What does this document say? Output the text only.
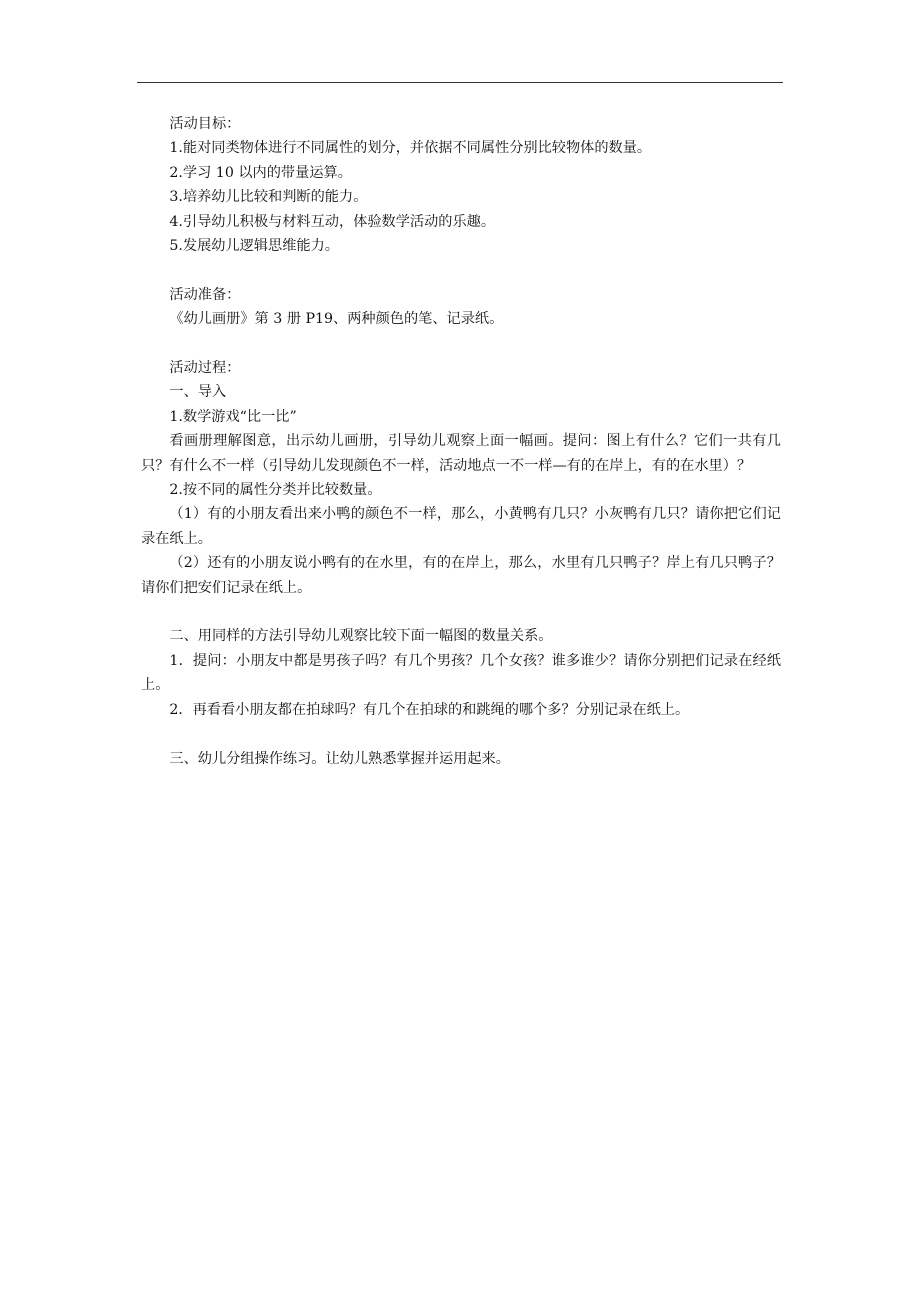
活动目标：

1.能对同类物体进行不同属性的划分，并依据不同属性分别比较物体的数量。

2.学习 10 以内的带量运算。

3.培养幼儿比较和判断的能力。

4.引导幼儿积极与材料互动，体验数学活动的乐趣。

5.发展幼儿逻辑思维能力。

活动准备：

《幼儿画册》第 3 册 P19、两种颜色的笔、记录纸。

活动过程：

一、导入

1.数学游戏“比一比”

看画册理解图意，出示幼儿画册，引导幼儿观察上面一幅画。提问：图上有什么？它们一共有几只？有什么不一样（引导幼儿发现颜色不一样，活动地点一不一样—有的在岸上，有的在水里）？

2.按不同的属性分类并比较数量。

（1）有的小朋友看出来小鸭的颜色不一样，那么，小黄鸭有几只？小灰鸭有几只？请你把它们记录在纸上。

（2）还有的小朋友说小鸭有的在水里，有的在岸上，那么，水里有几只鸭子？岸上有几只鸭子？请你们把安们记录在纸上。

二、用同样的方法引导幼儿观察比较下面一幅图的数量关系。

1．提问：小朋友中都是男孩子吗？有几个男孩？几个女孩？谁多谁少？请你分别把们记录在经纸上。

2．再看看小朋友都在拍球吗？有几个在拍球的和跳绳的哪个多？分别记录在纸上。

三、幼儿分组操作练习。让幼儿熟悉掌握并运用起来。
